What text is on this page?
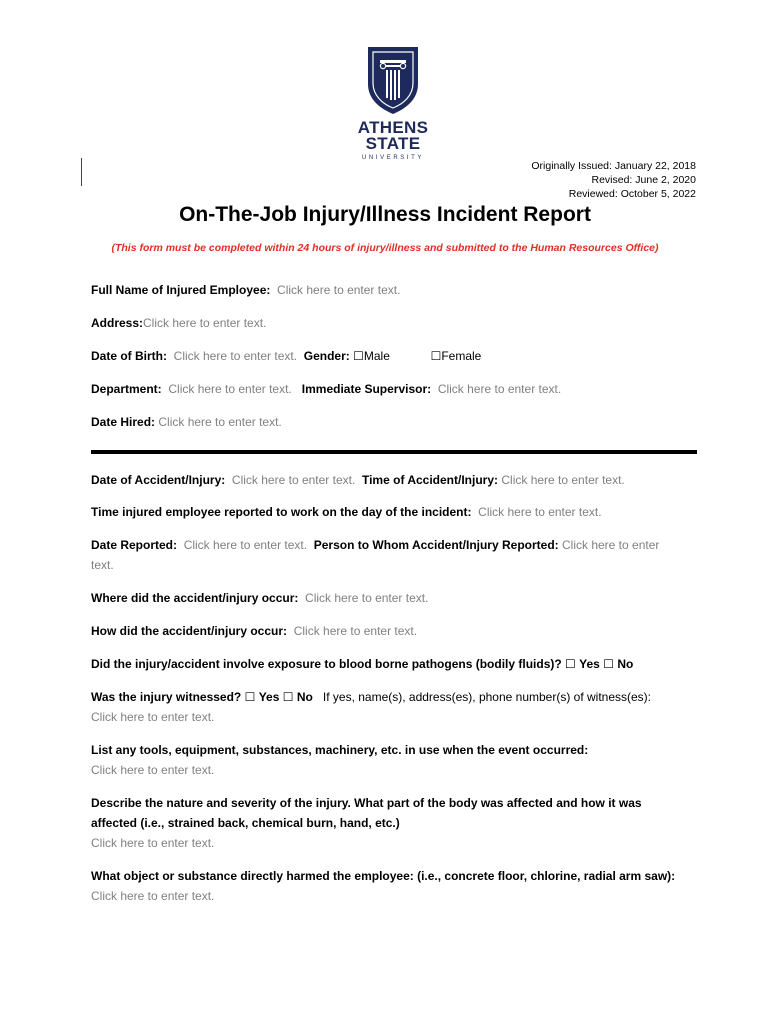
ATHENS
STATE
UNIVERSITY
Originally Issued: January 22, 2018
Revised: June 2, 2020
Reviewed: October 5, 2022
On-The-Job Injury/Illness Incident Report
(This form must be completed within 24 hours of injury/illness and submitted to the Human Resources Office)
Full Name of Injured Employee: Click here to enter text.
Address:Click here to enter text.
Date of Birth: Click here to enter text. Gender: ☐Male	☐Female
Department: Click here to enter text. Immediate Supervisor: Click here to enter text.
Date Hired: Click here to enter text.
Date of Accident/Injury: Click here to enter text. Time of Accident/Injury: Click here to enter text.
Time injured employee reported to work on the day of the incident: Click here to enter text.
Date Reported: Click here to enter text. Person to Whom Accident/Injury Reported: Click here to enter
text.
Where did the accident/injury occur: Click here to enter text.
How did the accident/injury occur: Click here to enter text.
Did the injury/accident involve exposure to blood borne pathogens (bodily fluids)? ☐ Yes ☐ No
Was the injury witnessed? ☐ Yes ☐ No If yes, name(s), address(es), phone number(s) of witness(es):
Click here to enter text.
List any tools, equipment, substances, machinery, etc. in use when the event occurred:
Click here to enter text.
Describe the nature and severity of the injury. What part of the body was affected and how it was
affected (i.e., strained back, chemical burn, hand, etc.)
Click here to enter text.
What object or substance directly harmed the employee: (i.e., concrete floor, chlorine, radial arm saw):
Click here to enter text.
